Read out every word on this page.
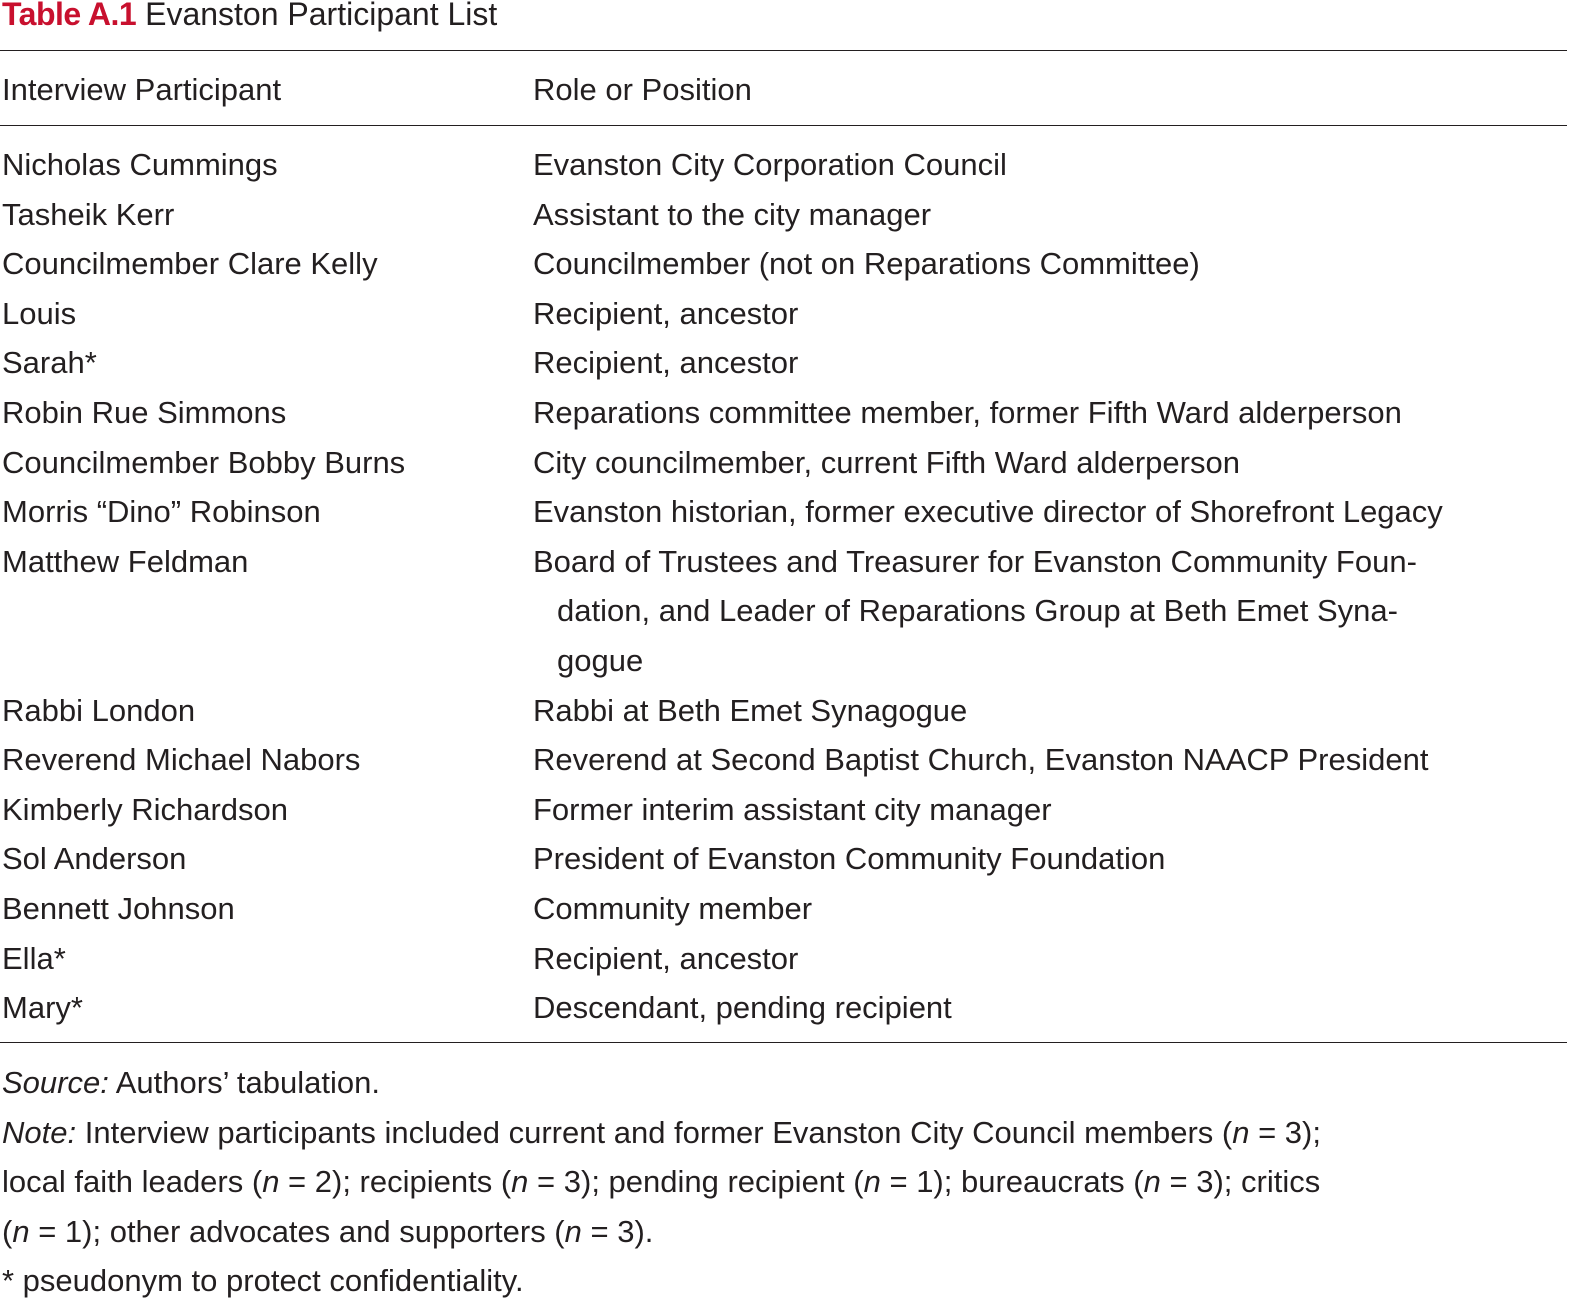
Table A.1 Evanston Participant List
Interview Participant	Role or Position
Nicholas Cummings	Evanston City Corporation Council
Tasheik Kerr	Assistant to the city manager
Councilmember Clare Kelly	Councilmember (not on Reparations Committee)
Louis	Recipient, ancestor
Sarah*	Recipient, ancestor
Robin Rue Simmons	Reparations committee member, former Fifth Ward alderperson
Councilmember Bobby Burns	City councilmember, current Fifth Ward alderperson
Morris “Dino” Robinson	Evanston historian, former executive director of Shorefront Legacy
Matthew Feldman	Board of Trustees and Treasurer for Evanston Community Foun-
dation, and Leader of Reparations Group at Beth Emet Syna-
gogue
Rabbi London	Rabbi at Beth Emet Synagogue
Reverend Michael Nabors	Reverend at Second Baptist Church, Evanston NAACP President
Kimberly Richardson	Former interim assistant city manager
Sol Anderson	President of Evanston Community Foundation
Bennett Johnson	Community member
Ella*	Recipient, ancestor
Mary*	Descendant, pending recipient

Source: Authors’ tabulation.

Note: Interview participants included current and former Evanston City Council members (n = 3);

local faith leaders (n = 2); recipients (n = 3); pending recipient (n = 1); bureaucrats (n = 3); critics

(n = 1); other advocates and supporters (n = 3).

* pseudonym to protect confidentiality.
